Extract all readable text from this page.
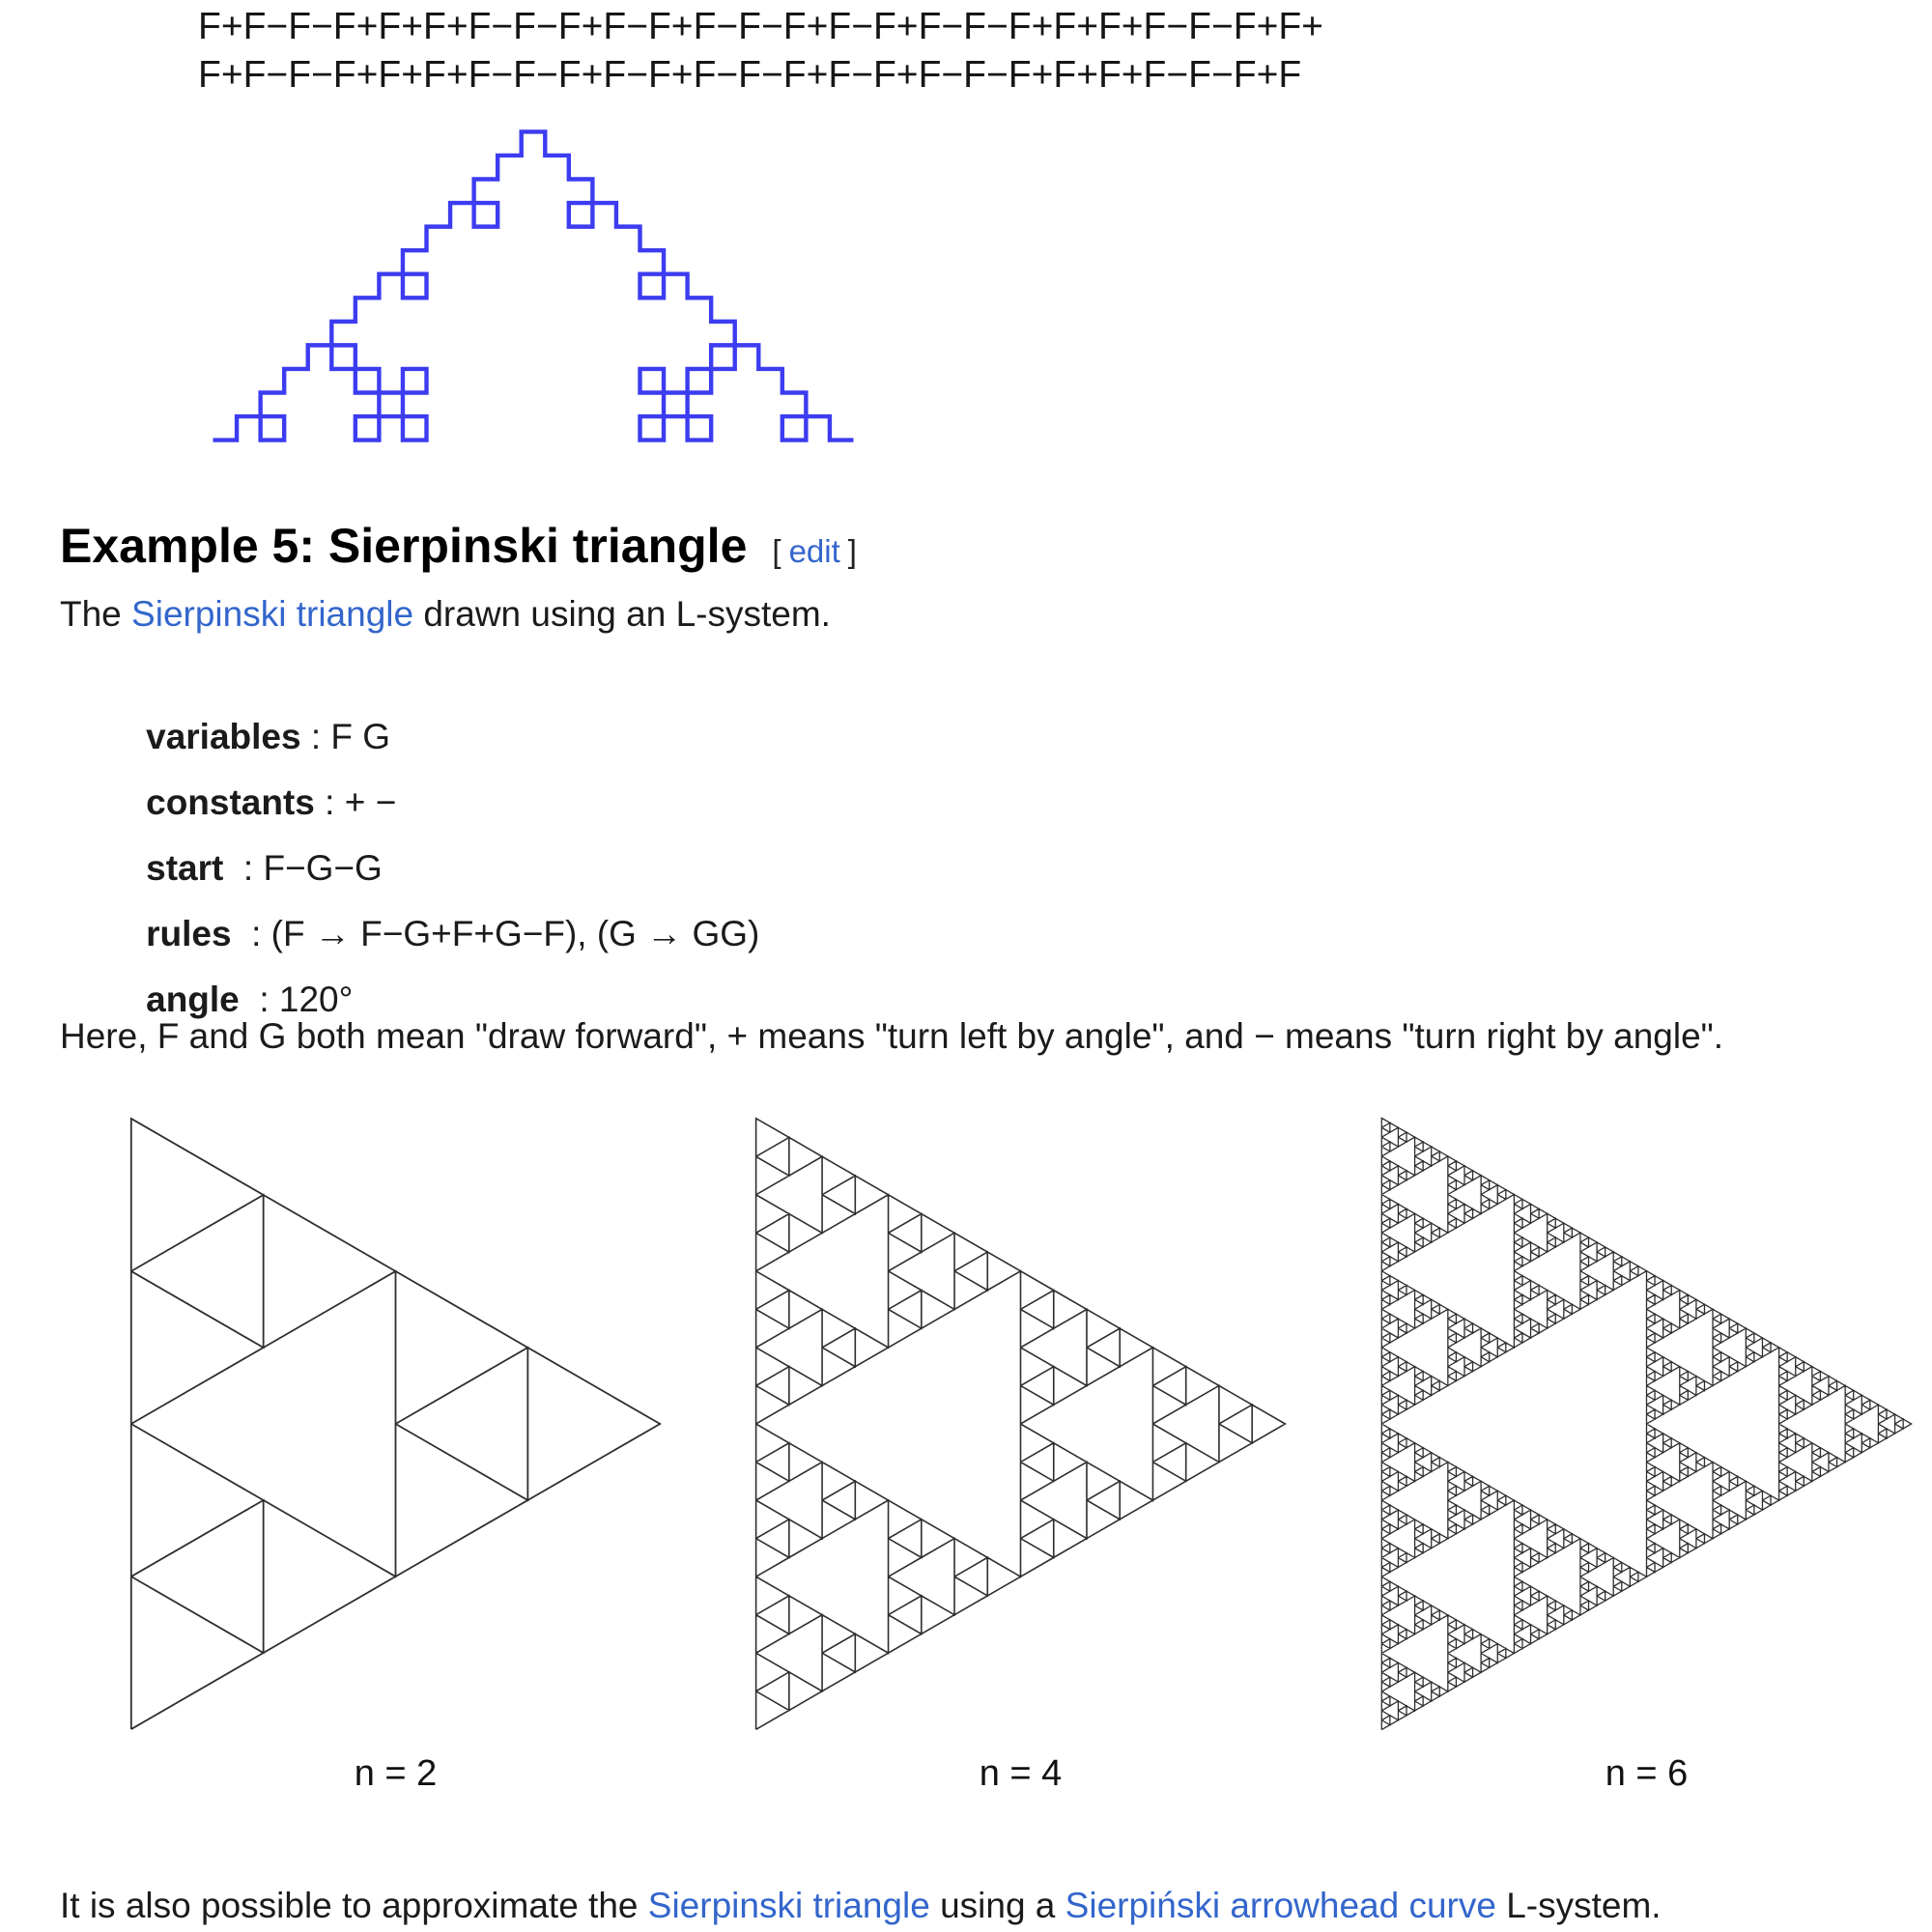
F+F−F−F+F+F+F−F−F+F−F+F−F−F+F−F+F−F−F+F+F+F−F−F+F+
F+F−F−F+F+F+F−F−F+F−F+F−F−F+F−F+F−F−F+F+F+F−F−F+F
Example 5: Sierpinski triangle [ edit ]
The Sierpinski triangle drawn using an L-system.

variables : F G

constants : + −

start  : F−G−G

rules  : (F → F−G+F+G−F), (G → GG)

angle  : 120°

Here, F and G both mean "draw forward", + means "turn left by angle", and − means "turn right by angle".
n = 2	n = 4	n = 6
It is also possible to approximate the Sierpinski triangle using a Sierpiński arrowhead curve L-system.
